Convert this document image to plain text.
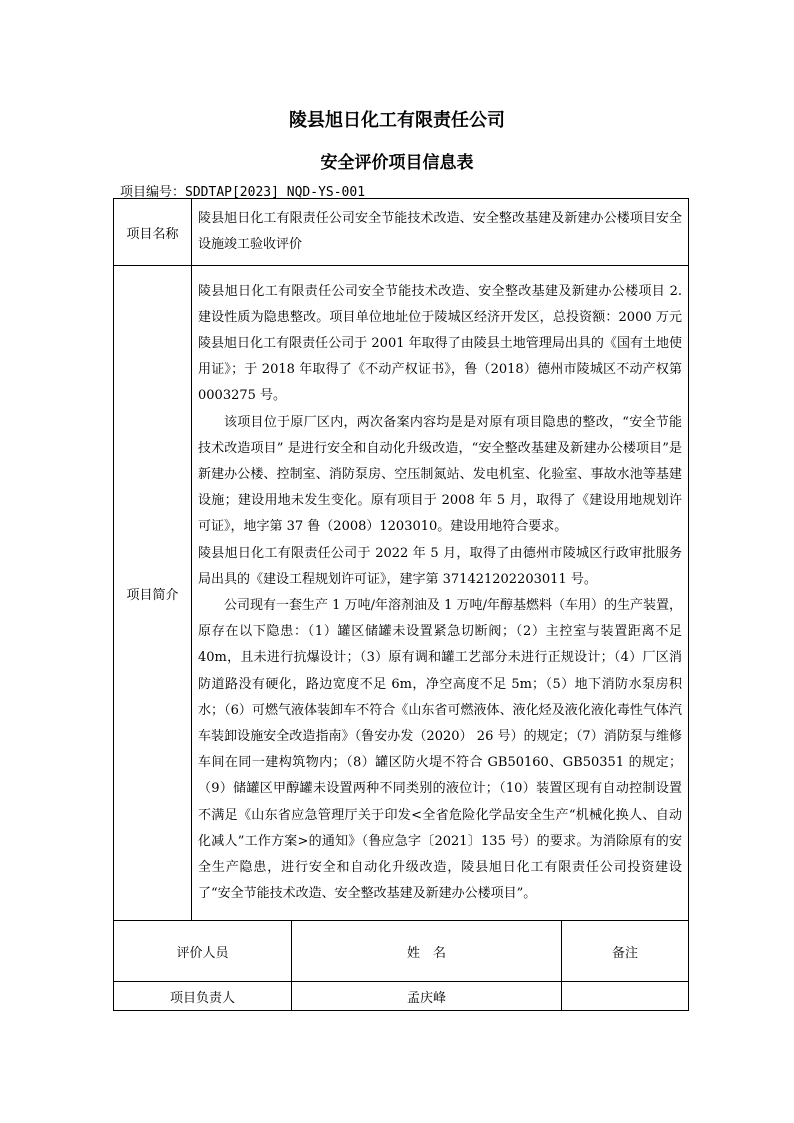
陵县旭日化工有限责任公司
安全评价项目信息表
项目编号：SDDTAP[2023] NQD-YS-001
项目名称	陵县旭日化工有限责任公司安全节能技术改造、安全整改基建及新建办公楼项目安全设施竣工验收评价		
项目简介	陵县旭日化工有限责任公司安全节能技术改造、安全整改基建及新建办公楼项目 2.建设性质为隐患整改。项目单位地址位于陵城区经济开发区，总投资额：2000 万元陵县旭日化工有限责任公司于 2001 年取得了由陵县土地管理局出具的《国有土地使用证》；于 2018 年取得了《不动产权证书》，鲁（2018）德州市陵城区不动产权第 0003275 号。

该项目位于原厂区内，两次备案内容均是是对原有项目隐患的整改，“安全节能技术改造项目” 是进行安全和自动化升级改造，“安全整改基建及新建办公楼项目”是新建办公楼、控制室、消防泵房、空压制氮站、发电机室、化验室、事故水池等基建设施；建设用地未发生变化。原有项目于 2008 年 5 月，取得了《建设用地规划许可证》，地字第 37 鲁（2008）1203010。建设用地符合要求。

陵县旭日化工有限责任公司于 2022 年 5 月，取得了由德州市陵城区行政审批服务局出具的《建设工程规划许可证》，建字第 371421202203011 号。

公司现有一套生产 1 万吨/年溶剂油及 1 万吨/年醇基燃料（车用）的生产装置，原存在以下隐患：（1）罐区储罐未设置紧急切断阀；（2）主控室与装置距离不足 40m，且未进行抗爆设计；（3）原有调和罐工艺部分未进行正规设计；（4）厂区消防道路没有硬化，路边宽度不足 6m，净空高度不足 5m；（5）地下消防水泵房积水；（6）可燃气液体装卸车不符合《山东省可燃液体、液化烃及液化液化毒性气体汽车装卸设施安全改造指南》（鲁安办发（2020） 26 号）的规定；（7）消防泵与维修车间在同一建构筑物内；（8）罐区防火堤不符合 GB50160、GB50351 的规定；（9）储罐区甲醇罐未设置两种不同类别的液位计；（10）装置区现有自动控制设置不满足《山东省应急管理厅关于印发<全省危险化学品安全生产“机械化换人、自动化减人”工作方案>的通知》（鲁应急字〔2021〕135 号）的要求。为消除原有的安全生产隐患，进行安全和自动化升级改造，陵县旭日化工有限责任公司投资建设了“安全节能技术改造、安全整改基建及新建办公楼项目”。		

评价人员		姓　名	备注
项目负责人		孟庆峰	
